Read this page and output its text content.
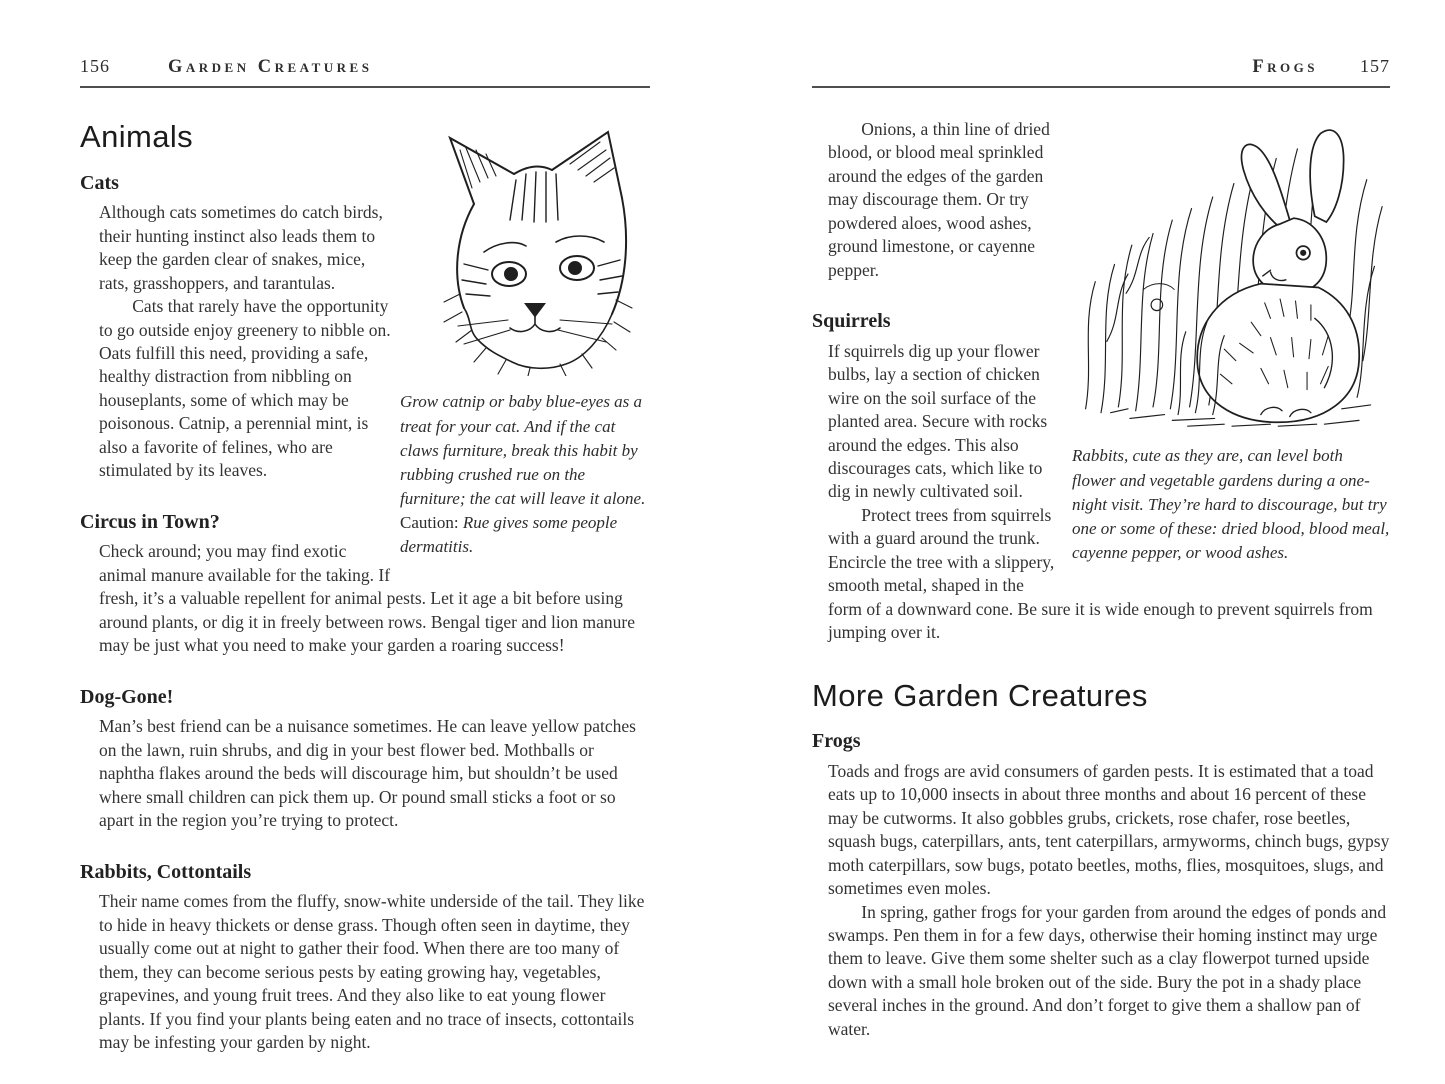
156	Garden Creatures
Grow catnip or baby blue-eyes as a treat for your cat. And if the cat claws furniture, break this habit by rubbing crushed rue on the furniture; the cat will leave it alone. Caution: Rue gives some people dermatitis.
Animals
Cats

Although cats sometimes do catch birds, their hunting instinct also leads them to keep the garden clear of snakes, mice, rats, grasshoppers, and tarantulas.

Cats that rarely have the opportunity to go outside enjoy greenery to nibble on. Oats fulfill this need, providing a safe, healthy distraction from nibbling on houseplants, some of which may be poisonous. Catnip, a perennial mint, is also a favorite of felines, who are stimulated by its leaves.

Circus in Town?

Check around; you may find exotic animal manure available for the taking. If fresh, it’s a valuable repellent for animal pests. Let it age a bit before using around plants, or dig it in freely between rows. Bengal tiger and lion manure may be just what you need to make your garden a roaring success!

Dog-Gone!

Man’s best friend can be a nuisance sometimes. He can leave yellow patches on the lawn, ruin shrubs, and dig in your best flower bed. Mothballs or naphtha flakes around the beds will discourage him, but shouldn’t be used where small children can pick them up. Or pound small sticks a foot or so apart in the region you’re trying to protect.

Rabbits, Cottontails

Their name comes from the fluffy, snow-white underside of the tail. They like to hide in heavy thickets or dense grass. Though often seen in daytime, they usually come out at night to gather their food. When there are too many of them, they can become serious pests by eating growing hay, vegetables, grapevines, and young fruit trees. And they also like to eat young flower plants. If you find your plants being eaten and no trace of insects, cottontails may be infesting your garden by night.

Frogs 157
Rabbits, cute as they are, can level both flower and vegetable gardens during a one-night visit. They’re hard to discourage, but try one or some of these: dried blood, blood meal, cayenne pepper, or wood ashes.

Onions, a thin line of dried blood, or blood meal sprinkled around the edges of the garden may discourage them. Or try powdered aloes, wood ashes, ground limestone, or cayenne pepper.

Squirrels

If squirrels dig up your flower bulbs, lay a section of chicken wire on the soil surface of the planted area. Secure with rocks around the edges. This also discourages cats, which like to dig in newly cultivated soil.

Protect trees from squirrels with a guard around the trunk. Encircle the tree with a slippery, smooth metal, shaped in the form of a downward cone. Be sure it is wide enough to prevent squirrels from jumping over it.

More Garden Creatures
Frogs

Toads and frogs are avid consumers of garden pests. It is estimated that a toad eats up to 10,000 insects in about three months and about 16 percent of these may be cutworms. It also gobbles grubs, crickets, rose chafer, rose beetles, squash bugs, caterpillars, ants, tent caterpillars, armyworms, chinch bugs, gypsy moth caterpillars, sow bugs, potato beetles, moths, flies, mosquitoes, slugs, and sometimes even moles.

In spring, gather frogs for your garden from around the edges of ponds and swamps. Pen them in for a few days, otherwise their homing instinct may urge them to leave. Give them some shelter such as a clay flowerpot turned upside down with a small hole broken out of the side. Bury the pot in a shady place several inches in the ground. And don’t forget to give them a shallow pan of water.
